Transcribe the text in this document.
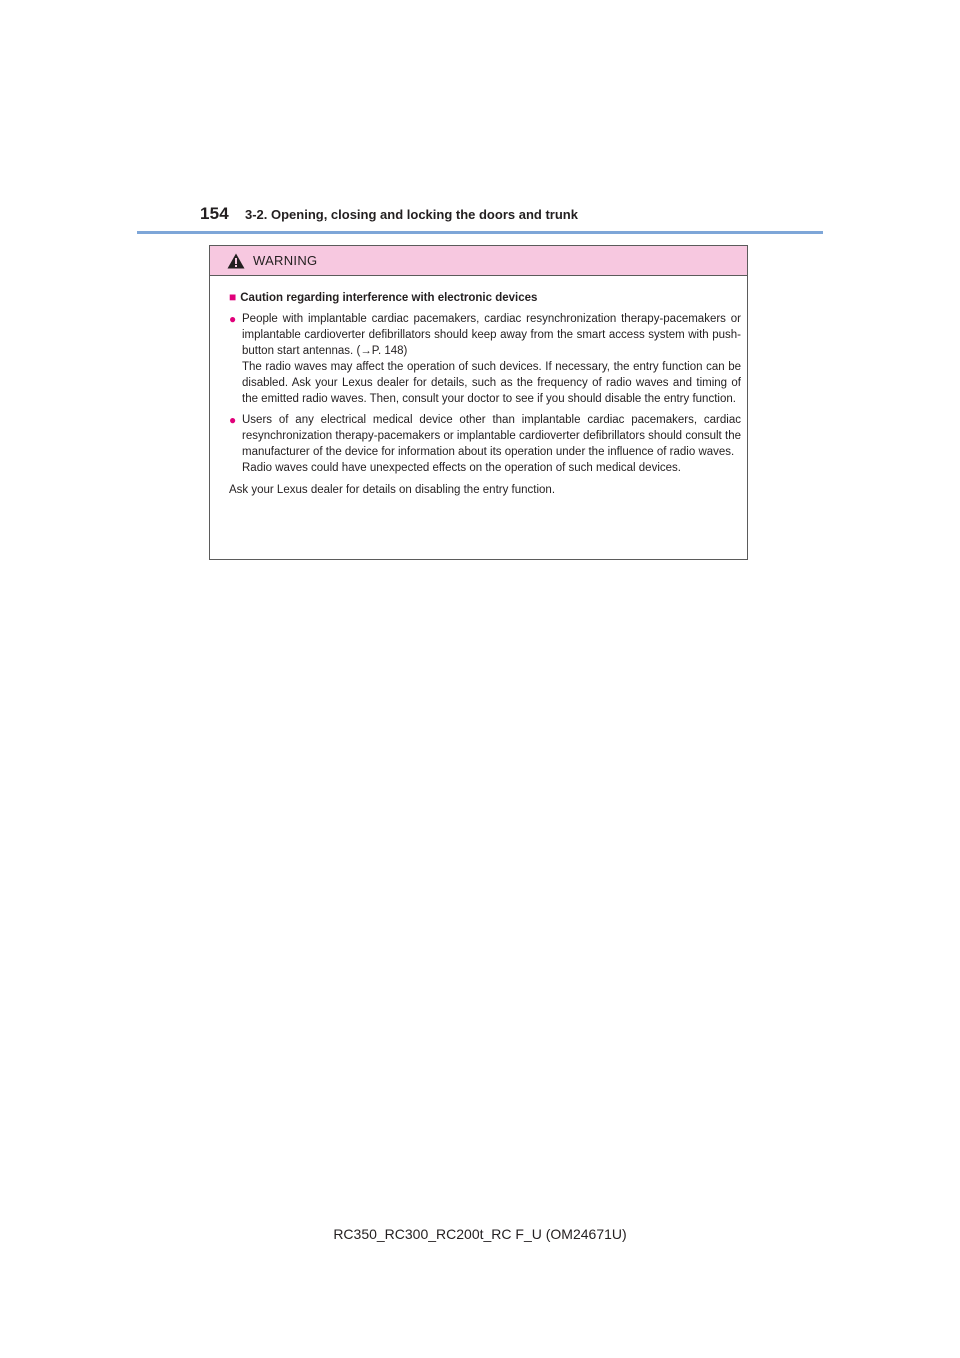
154 3-2. Opening, closing and locking the doors and trunk
WARNING
■ Caution regarding interference with electronic devices
● People with implantable cardiac pacemakers, cardiac resynchronization therapy-pacemakers or implantable cardioverter defibrillators should keep away from the smart access system with push-button start antennas. (→P. 148)

The radio waves may affect the operation of such devices. If necessary, the entry function can be disabled. Ask your Lexus dealer for details, such as the frequency of radio waves and timing of the emitted radio waves. Then, consult your doctor to see if you should disable the entry function.

● Users of any electrical medical device other than implantable cardiac pacemakers, cardiac resynchronization therapy-pacemakers or implantable cardioverter defibrillators should consult the manufacturer of the device for information about its operation under the influence of radio waves.

Radio waves could have unexpected effects on the operation of such medical devices.

Ask your Lexus dealer for details on disabling the entry function.

RC350_RC300_RC200t_RC F_U (OM24671U)
